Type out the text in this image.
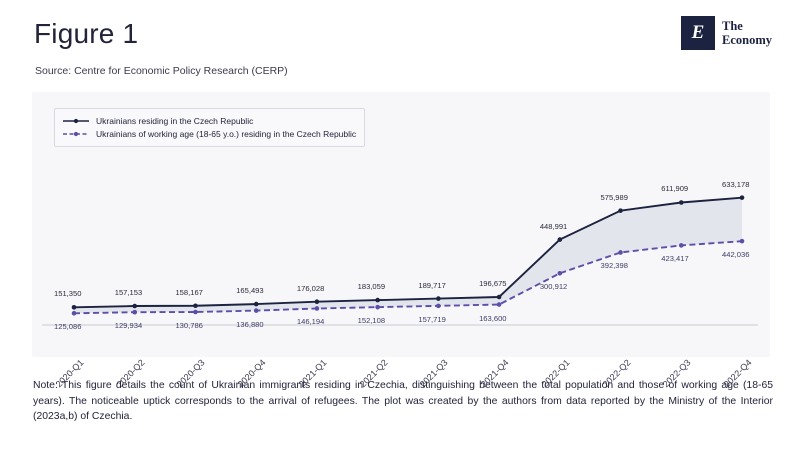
Figure 1
Source: Centre for Economic Policy Research (CERP)
E	The
Economy
Ukrainians residing in the Czech Republic
Ukrainians of working age (18-65 y.o.) residing in the Czech Republic
151,350	157,153	158,167	165,493	176,028	183,059	189,717	196,675
448,991
575,989
611,909
633,178
125,086	129,934	130,786	136,880	146,194	152,108	157,719	163,600
300,912
392,398
423,417	442,036
2020-Q1	2020-Q2	2020-Q3	2020-Q4	2021-Q1	2021-Q2	2021-Q3	2021-Q4	2022-Q1	2022-Q2	2022-Q3	2022-Q4
Note: This figure details the count of Ukrainian immigrants residing in Czechia, distinguishing between the total population and those of working age (18-65 years). The noticeable uptick corresponds to the arrival of refugees. The plot was created by the authors from data reported by the Ministry of the Interior (2023a,b) of Czechia.
